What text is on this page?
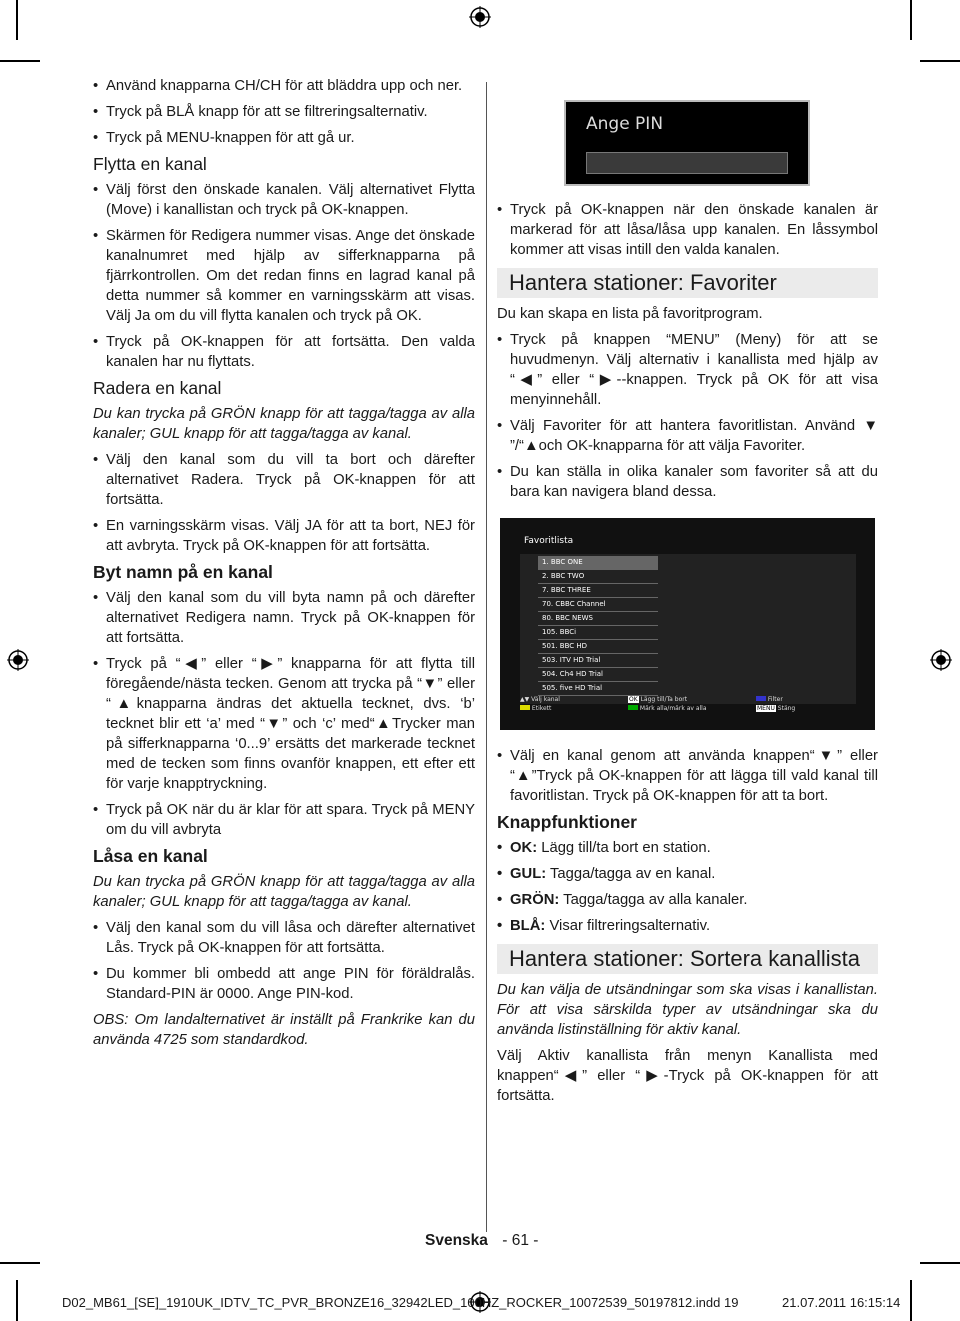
• Använd knapparna CH/CH för att bläddra upp och ner.
• Tryck på BLÅ knapp för att se filtreringsalternativ.
• Tryck på MENU-knappen för att gå ur.
Flytta en kanal
• Välj först den önskade kanalen. Välj alternativet Flytta (Move) i kanallistan och tryck på OK-knappen.
• Skärmen för Redigera nummer visas. Ange det önskade kanalnumret med hjälp av sifferknapparna på fjärrkontrollen. Om det redan finns en lagrad kanal på detta nummer så kommer en varningsskärm att visas. Välj Ja om du vill flytta kanalen och tryck på OK.
• Tryck på OK-knappen för att fortsätta. Den valda kanalen har nu flyttats.
Radera en kanal
Du kan trycka på GRÖN knapp för att tagga/tagga av alla kanaler; GUL knapp för att tagga/tagga av kanal.
• Välj den kanal som du vill ta bort och därefter alternativet Radera. Tryck på OK-knappen för att fortsätta.
• En varningsskärm visas. Välj JA för att ta bort, NEJ för att avbryta. Tryck på OK-knappen för att fortsätta.
Byt namn på en kanal
• Välj den kanal som du vill byta namn på och därefter alternativet Redigera namn. Tryck på OK-knappen för att fortsätta.
• Tryck på “◀” eller “▶” knapparna för att flytta till föregående/nästa tecken. Genom att trycka på “▼” eller “▲knapparna ändras det aktuella tecknet, dvs. ‘b’ tecknet blir ett ‘a’ med “▼” och ‘c’ med“▲Trycker man på sifferknapparna ‘0...9’ ersätts det markerade tecknet med de tecken som finns ovanför knappen, ett efter ett för varje knapptryckning.
• Tryck på OK när du är klar för att spara. Tryck på MENY om du vill avbryta
Låsa en kanal
Du kan trycka på GRÖN knapp för att tagga/tagga av alla kanaler; GUL knapp för att tagga/tagga av kanal.
• Välj den kanal som du vill låsa och därefter alternativet Lås. Tryck på OK-knappen för att fortsätta.
• Du kommer bli ombedd att ange PIN för föräldralås. Standard-PIN är 0000. Ange PIN-kod.
OBS: Om landalternativet är inställt på Frankrike kan du använda 4725 som standardkod.
Ange PIN
• Tryck på OK-knappen när den önskade kanalen är markerad för att låsa/låsa upp kanalen. En låssymbol kommer att visas intill den valda kanalen.
Hantera stationer: Favoriter
Du kan skapa en lista på favoritprogram.
• Tryck på knappen “MENU” (Meny) för att se huvudmenyn. Välj alternativ i kanallista med hjälp av “◀” eller “▶--knappen. Tryck på OK för att visa menyinnehåll.
• Välj Favoriter för att hantera favoritlistan. Använd ▼ ”/“▲och OK-knapparna för att välja Favoriter.
• Du kan ställa in olika kanaler som favoriter så att du bara kan navigera bland dessa.
Favoritlista
1. BBC ONE
2. BBC TWO
7. BBC THREE
70. CBBC Channel
80. BBC NEWS
105. BBCi
501. BBC HD
503. ITV HD Trial
504. Ch4 HD Trial
505. five HD Trial
▲▼ Välj kanal
Etikett
OK Lägg till/Ta bort
Märk alla/märk av alla
Filter
MENU Stäng
• Välj en kanal genom att använda knappen“▼” eller “▲”Tryck på OK-knappen för att lägga till vald kanal till favoritlistan. Tryck på OK-knappen för att ta bort.
Knappfunktioner
• OK: Lägg till/ta bort en station.
• GUL: Tagga/tagga av en kanal.
• GRÖN: Tagga/tagga av alla kanaler.
• BLÅ: Visar filtreringsalternativ.
Hantera stationer: Sortera kanallista
Du kan välja de utsändningar som ska visas i kanallistan. För att visa särskilda typer av utsändningar ska du använda listinställning för aktiv kanal.
Välj Aktiv kanallista från menyn Kanallista med knappen“◀” eller “▶-Tryck på OK-knappen för att fortsätta.
Svenska - 61 -
D02_MB61_[SE]_1910UK_IDTV_TC_PVR_BRONZE16_32942LED_100HZ_ROCKER_10072539_50197812.indd 19	21.07.2011 16:15:14
